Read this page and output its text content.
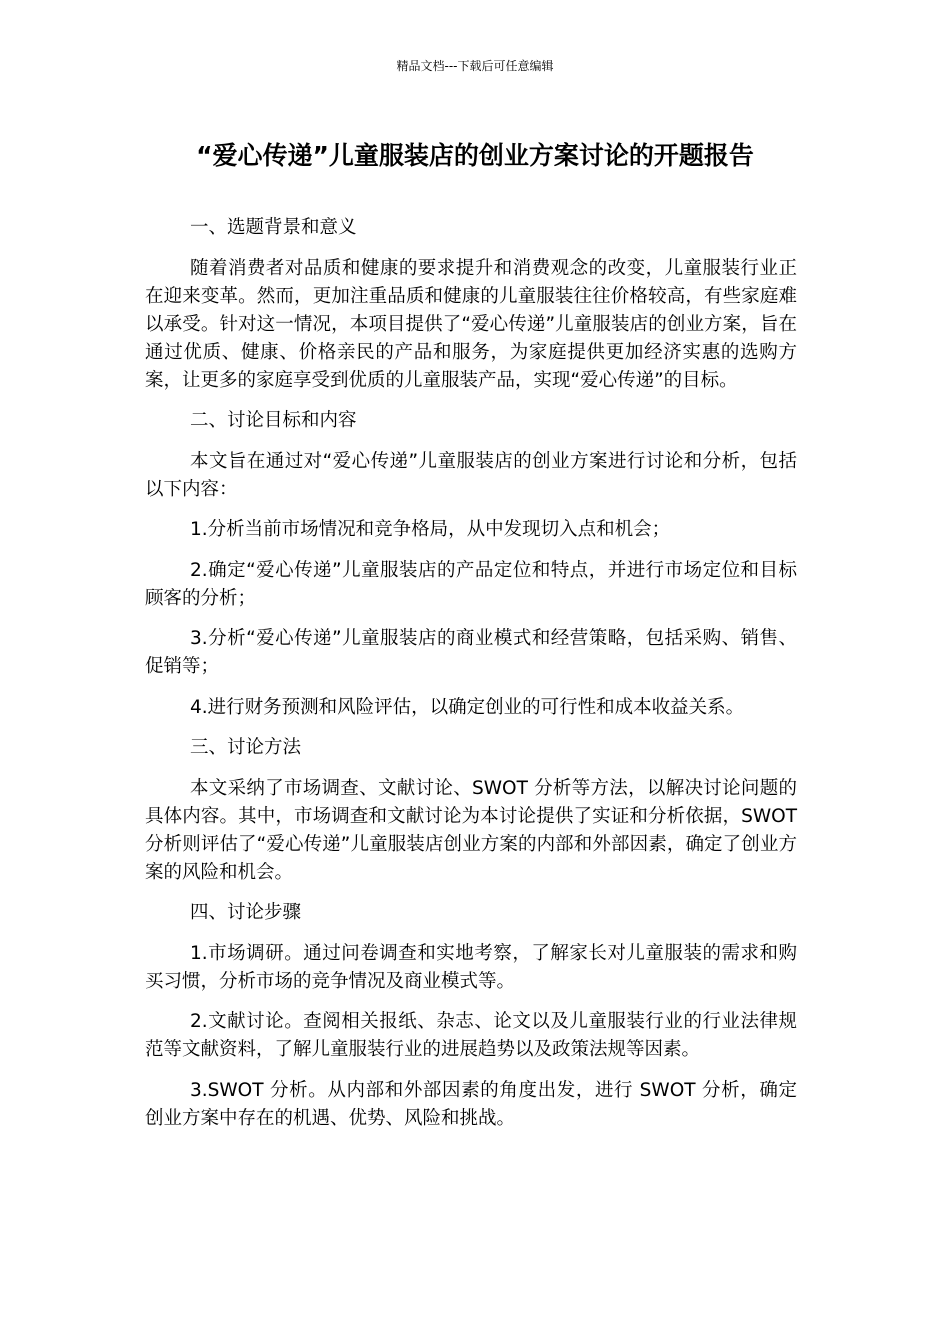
精品文档---下载后可任意编辑
“爱心传递”儿童服装店的创业方案讨论的开题报告

一、选题背景和意义

随着消费者对品质和健康的要求提升和消费观念的改变，儿童服装行业正在迎来变革。然而，更加注重品质和健康的儿童服装往往价格较高，有些家庭难以承受。针对这一情况，本项目提供了“爱心传递”儿童服装店的创业方案，旨在通过优质、健康、价格亲民的产品和服务，为家庭提供更加经济实惠的选购方案，让更多的家庭享受到优质的儿童服装产品，实现“爱心传递”的目标。

二、讨论目标和内容

本文旨在通过对“爱心传递”儿童服装店的创业方案进行讨论和分析，包括以下内容：

1.分析当前市场情况和竞争格局，从中发现切入点和机会；

2.确定“爱心传递”儿童服装店的产品定位和特点，并进行市场定位和目标顾客的分析；

3.分析“爱心传递”儿童服装店的商业模式和经营策略，包括采购、销售、促销等；

4.进行财务预测和风险评估，以确定创业的可行性和成本收益关系。

三、讨论方法

本文采纳了市场调查、文献讨论、SWOT 分析等方法，以解决讨论问题的具体内容。其中，市场调查和文献讨论为本讨论提供了实证和分析依据，SWOT 分析则评估了“爱心传递”儿童服装店创业方案的内部和外部因素，确定了创业方案的风险和机会。

四、讨论步骤

1.市场调研。通过问卷调查和实地考察，了解家长对儿童服装的需求和购买习惯，分析市场的竞争情况及商业模式等。

2.文献讨论。查阅相关报纸、杂志、论文以及儿童服装行业的行业法律规范等文献资料，了解儿童服装行业的进展趋势以及政策法规等因素。

3.SWOT 分析。从内部和外部因素的角度出发，进行 SWOT 分析，确定创业方案中存在的机遇、优势、风险和挑战。
